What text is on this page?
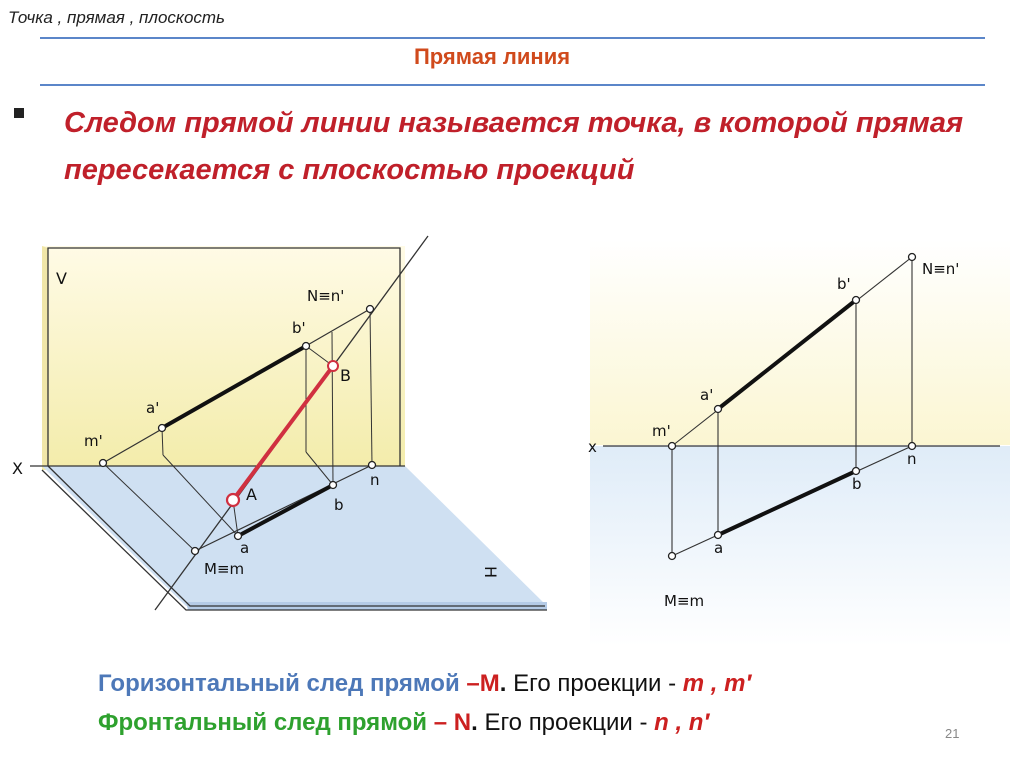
Точка , прямая , плоскость
Прямая линия
Следом прямой линии называется точка, в которой прямая пересекается с плоскостью проекций
V
X
H
N≡n'
b'
B
a'
m'
n
A
b
a
M≡m
x
N≡n'
b'
a'
m'
n
b
a
M≡m
Горизонтальный след прямой –M. Его проекции - m , m′
Фронтальный след прямой – N. Его проекции - n , n′	21
